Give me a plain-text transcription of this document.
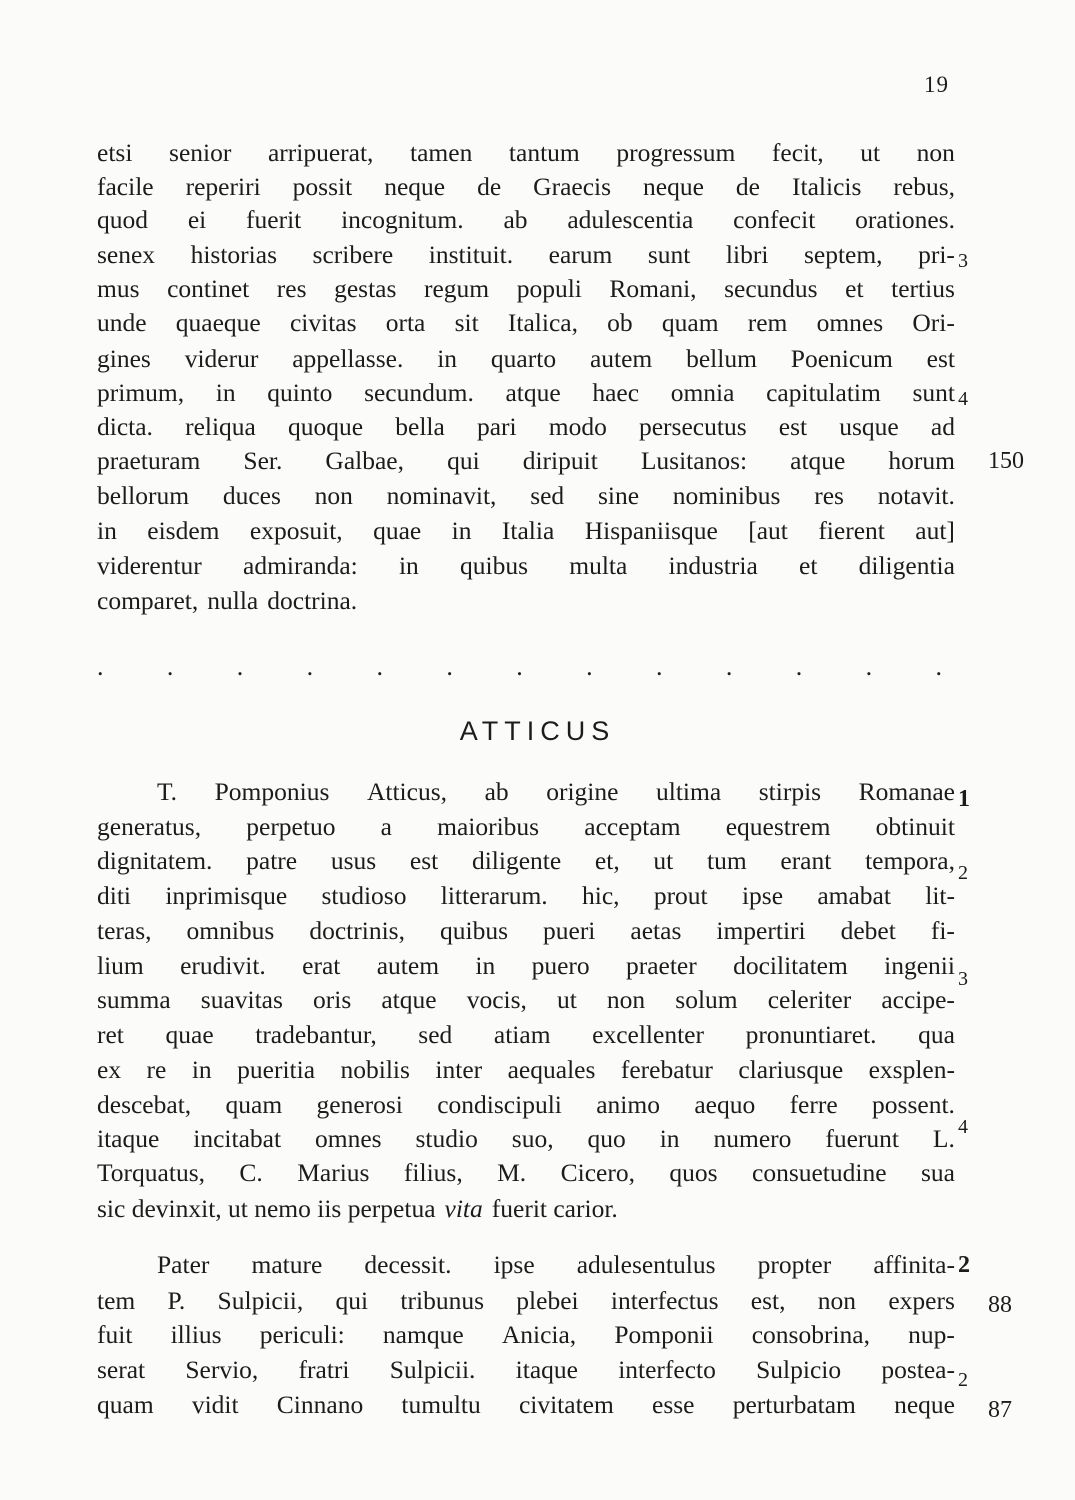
19
etsi senior arripuerat, tamen tantum progressum fecit, ut non
facile reperiri possit neque de Graecis neque de Italicis rebus,
quod ei fuerit incognitum. ab adulescentia confecit orationes.
senex historias scribere instituit. earum sunt libri septem, pri-
mus continet res gestas regum populi Romani, secundus et tertius
unde quaeque civitas orta sit Italica, ob quam rem omnes Ori-
gines viderur appellasse. in quarto autem bellum Poenicum est
primum, in quinto secundum. atque haec omnia capitulatim sunt
dicta. reliqua quoque bella pari modo persecutus est usque ad
praeturam Ser. Galbae, qui diripuit Lusitanos: atque horum
bellorum duces non nominavit, sed sine nominibus res notavit.
in eisdem exposuit, quae in Italia Hispaniisque [aut fierent aut]
viderentur admiranda: in quibus multa industria et diligentia
comparet, nulla doctrina.
3
4
150
T. Pomponius Atticus, ab origine ultima stirpis Romanae
generatus, perpetuo a maioribus acceptam equestrem obtinuit
dignitatem. patre usus est diligente et, ut tum erant tempora,
diti inprimisque studioso litterarum. hic, prout ipse amabat lit-
teras, omnibus doctrinis, quibus pueri aetas impertiri debet fi-
lium erudivit. erat autem in puero praeter docilitatem ingenii
summa suavitas oris atque vocis, ut non solum celeriter accipe-
ret quae tradebantur, sed atiam excellenter pronuntiaret. qua
ex re in pueritia nobilis inter aequales ferebatur clariusque exsplen-
descebat, quam generosi condiscipuli animo aequo ferre possent.
itaque incitabat omnes studio suo, quo in numero fuerunt L.
Torquatus, C. Marius filius, M. Cicero, quos consuetudine sua
sic devinxit, ut nemo iis perpetua vita fuerit carior.
1
2
3
4
Pater mature decessit. ipse adulesentulus propter affinita-
tem P. Sulpicii, qui tribunus plebei interfectus est, non expers
fuit illius periculi: namque Anicia, Pomponii consobrina, nup-
serat Servio, fratri Sulpicii. itaque interfecto Sulpicio postea-
quam vidit Cinnano tumultu civitatem esse perturbatam neque
2
2
88
87
. . . . . . . . . . . . .
ATTICUS
